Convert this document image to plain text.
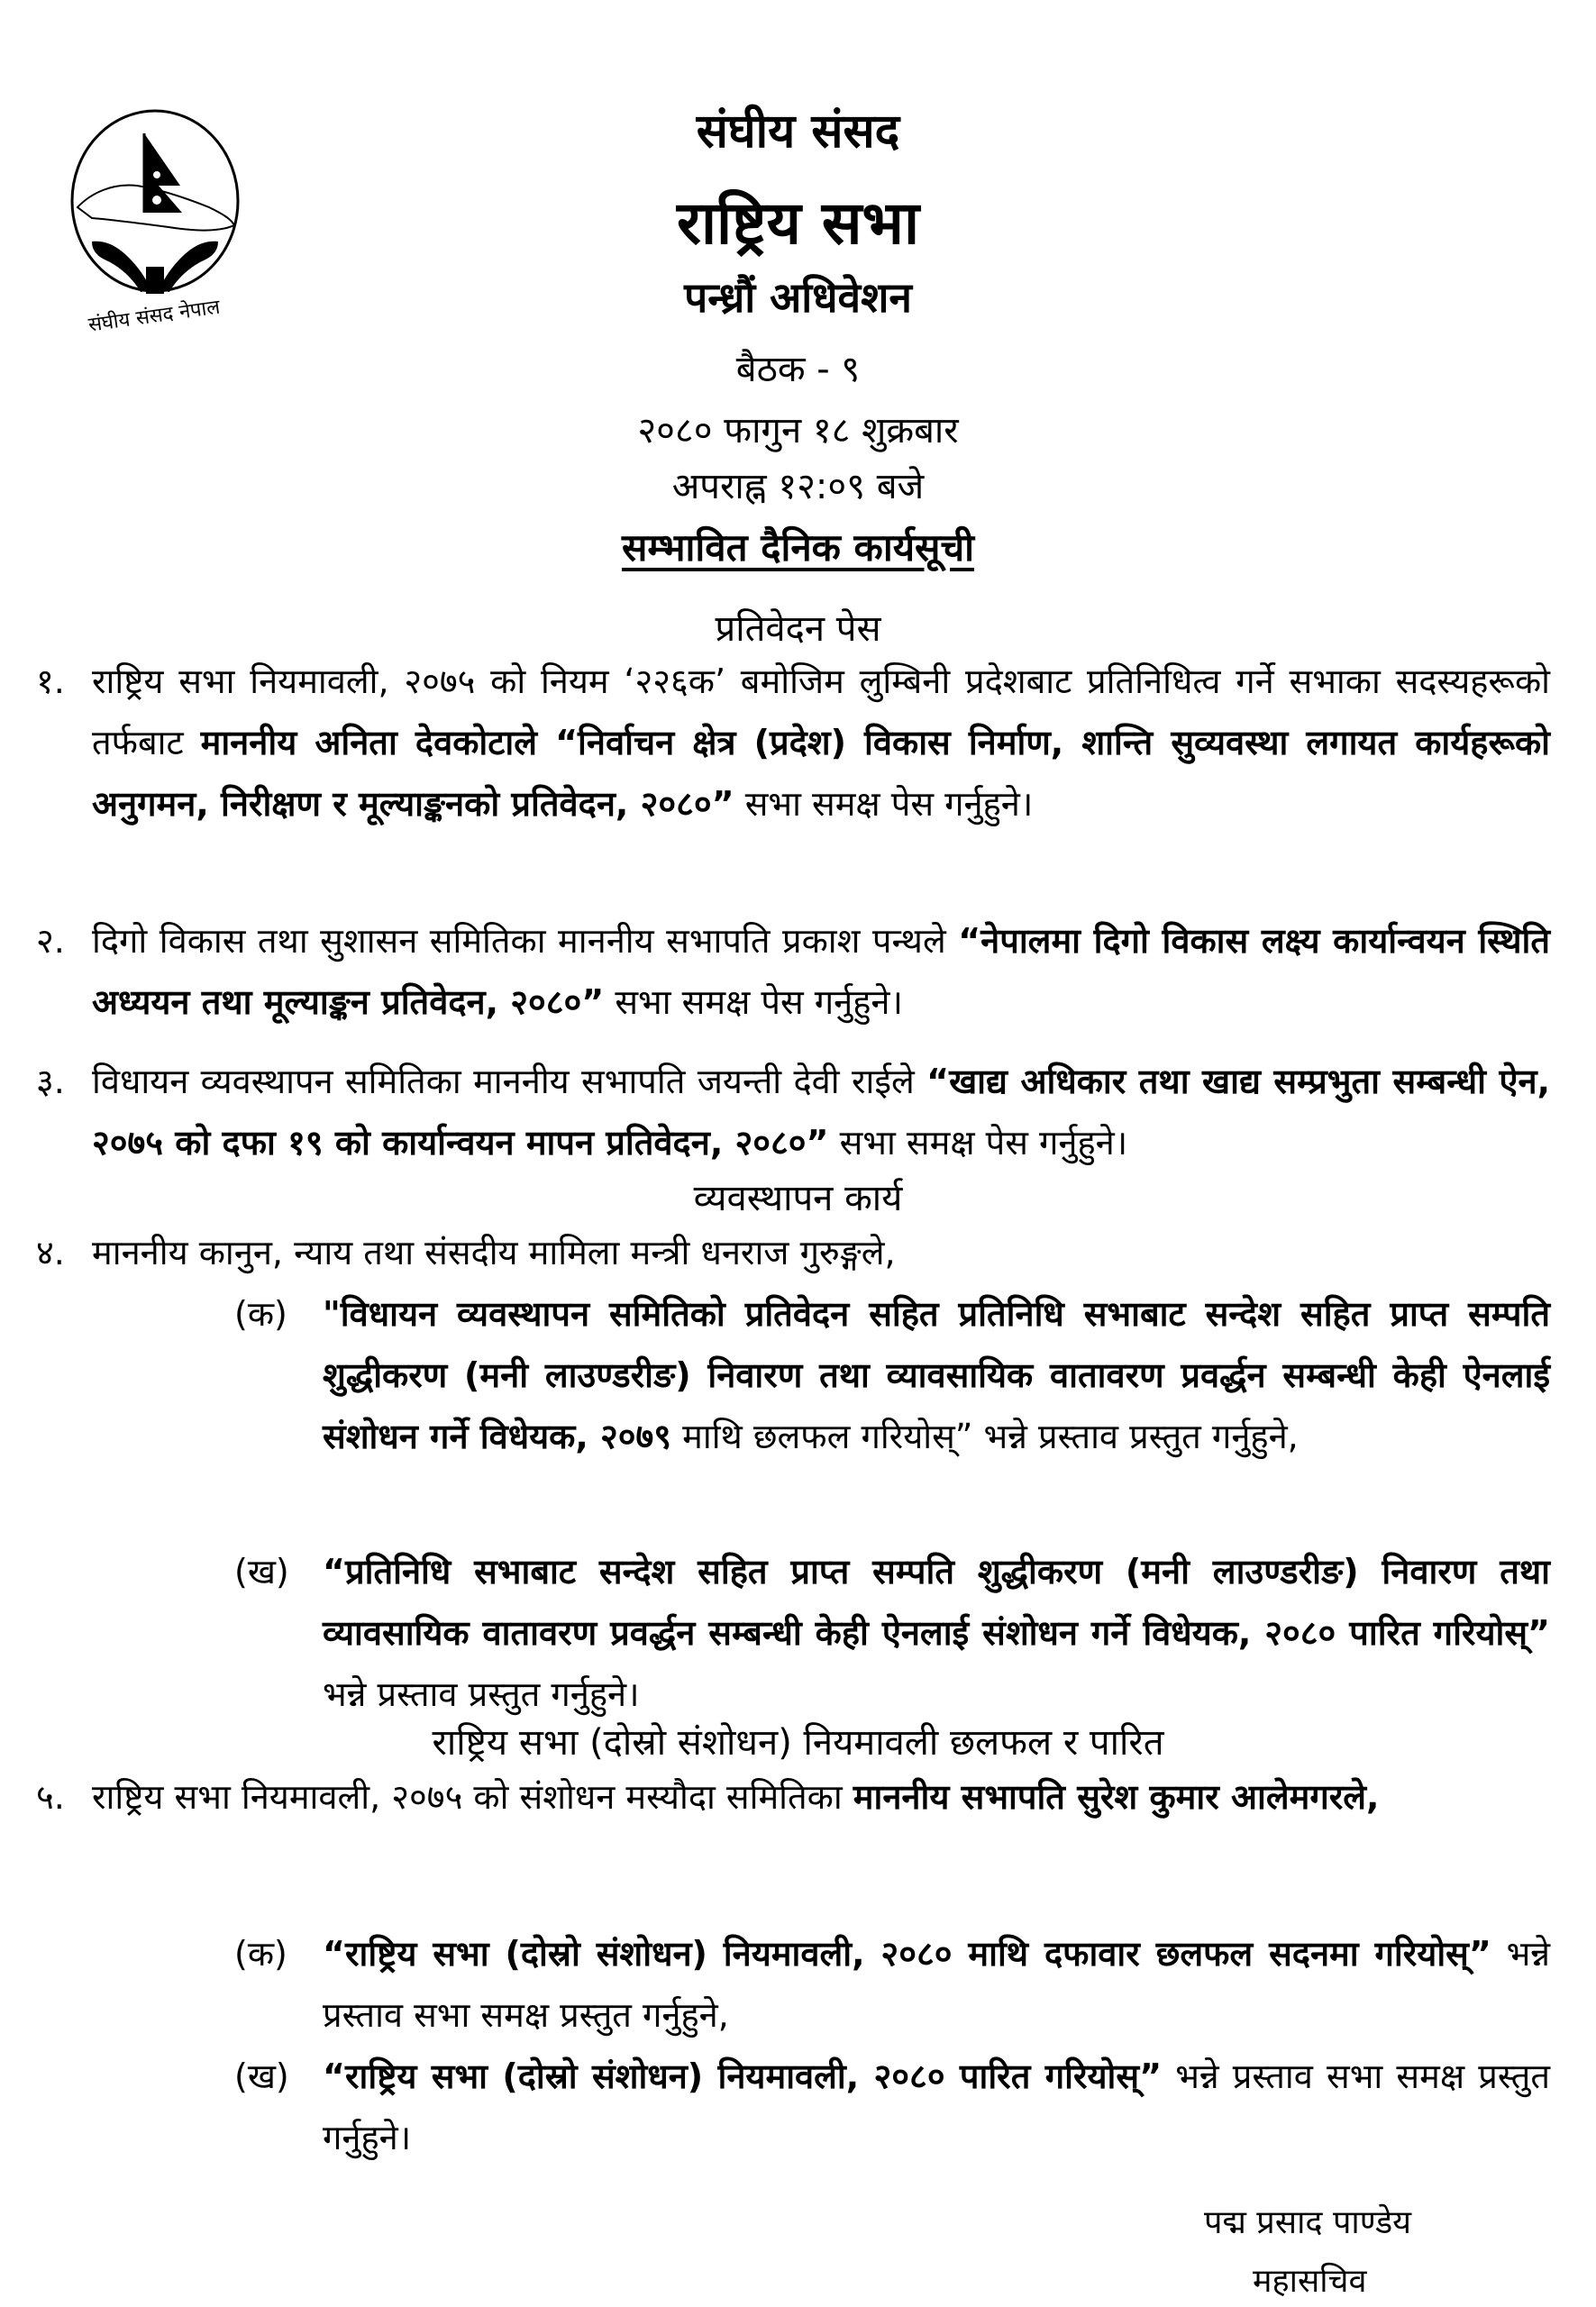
संघीय संसद नेपाल
संघीय संसद
राष्ट्रिय सभा
पन्ध्रौं अधिवेशन
बैठक - ९
२०८० फागुन १८ शुक्रबार
अपराह्न १२:०९ बजे
सम्भावित दैनिक कार्यसूची
प्रतिवेदन पेस
१. राष्ट्रिय सभा नियमावली, २०७५ को नियम ‘२२६क’ बमोजिम लुम्बिनी प्रदेशबाट प्रतिनिधित्व गर्ने सभाका सदस्यहरूको तर्फबाट माननीय अनिता देवकोटाले “निर्वाचन क्षेत्र (प्रदेश) विकास निर्माण, शान्ति सुव्यवस्था लगायत कार्यहरूको अनुगमन, निरीक्षण र मूल्याङ्कनको प्रतिवेदन, २०८०” सभा समक्ष पेस गर्नुहुने।
२. दिगो विकास तथा सुशासन समितिका माननीय सभापति प्रकाश पन्थले “नेपालमा दिगो विकास लक्ष्य कार्यान्वयन स्थिति अध्ययन तथा मूल्याङ्कन प्रतिवेदन, २०८०” सभा समक्ष पेस गर्नुहुने।
३. विधायन व्यवस्थापन समितिका माननीय सभापति जयन्ती देवी राईले “खाद्य अधिकार तथा खाद्य सम्प्रभुता सम्बन्धी ऐन, २०७५ को दफा १९ को कार्यान्वयन मापन प्रतिवेदन, २०८०” सभा समक्ष पेस गर्नुहुने।
व्यवस्थापन कार्य
४. माननीय कानुन, न्याय तथा संसदीय मामिला मन्त्री धनराज गुरुङ्गले,
(क)	"विधायन व्यवस्थापन समितिको प्रतिवेदन सहित प्रतिनिधि सभाबाट सन्देश सहित प्राप्त सम्पति शुद्धीकरण (मनी लाउण्डरीङ) निवारण तथा व्यावसायिक वातावरण प्रवर्द्धन सम्बन्धी केही ऐनलाई संशोधन गर्ने विधेयक, २०७९ माथि छलफल गरियोस्” भन्ने प्रस्ताव प्रस्तुत गर्नुहुने,
(ख) “प्रतिनिधि सभाबाट सन्देश सहित प्राप्त सम्पति शुद्धीकरण (मनी लाउण्डरीङ) निवारण तथा व्यावसायिक वातावरण प्रवर्द्धन सम्बन्धी केही ऐनलाई संशोधन गर्ने विधेयक, २०८० पारित गरियोस्” भन्ने प्रस्ताव प्रस्तुत गर्नुहुने।
राष्ट्रिय सभा (दोस्रो संशोधन) नियमावली छलफल र पारित
५. राष्ट्रिय सभा नियमावली, २०७५ को संशोधन मस्यौदा समितिका माननीय सभापति सुरेश कुमार आलेमगरले,
(क)	“राष्ट्रिय सभा (दोस्रो संशोधन) नियमावली, २०८० माथि दफावार छलफल सदनमा गरियोस्” भन्ने प्रस्ताव सभा समक्ष प्रस्तुत गर्नुहुने,
(ख) “राष्ट्रिय सभा (दोस्रो संशोधन) नियमावली, २०८० पारित गरियोस्” भन्ने प्रस्ताव सभा समक्ष प्रस्तुत गर्नुहुने।
पद्म प्रसाद पाण्डेय
महासचिव
